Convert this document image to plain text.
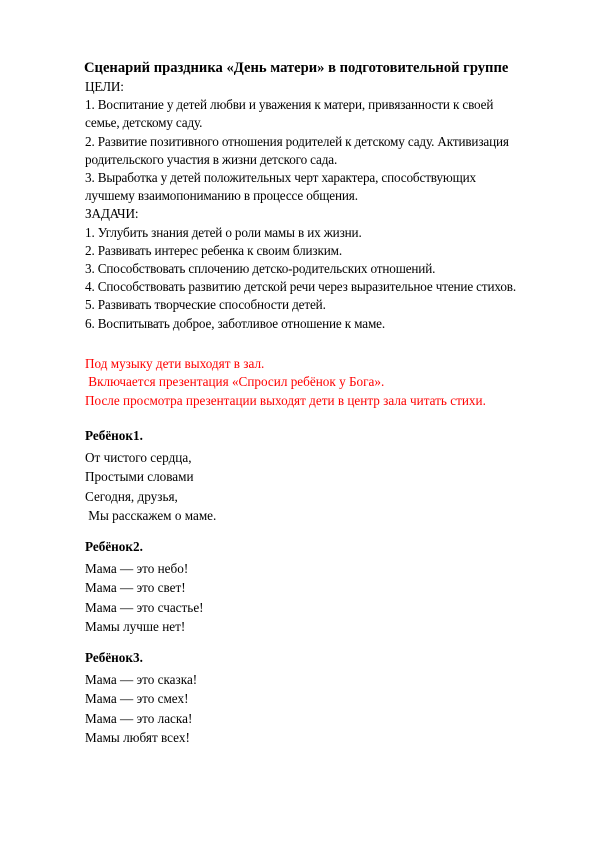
Сценарий праздника «День матери» в подготовительной группе
ЦЕЛИ:
1. Воспитание у детей любви и уважения к матери, привязанности к своей
семье, детскому саду.
2. Развитие позитивного отношения родителей к детскому саду. Активизация
родительского участия в жизни детского сада.
3. Выработка у детей положительных черт характера, способствующих
лучшему взаимопониманию в процессе общения.
ЗАДАЧИ:
1. Углубить знания детей о роли мамы в их жизни.
2. Развивать интерес ребенка к своим близким.
3. Способствовать сплочению детско-родительских отношений.
4. Способствовать развитию детской речи через выразительное чтение стихов.
5. Развивать творческие способности детей.
6. Воспитывать доброе, заботливое отношение к маме.
Под музыку дети выходят в зал.
Включается презентация «Спросил ребёнок у Бога».
После просмотра презентации выходят дети в центр зала читать стихи.
Ребёнок1.
От чистого сердца,
Простыми словами
Сегодня, друзья,
Мы расскажем о маме.
Ребёнок2.
Мама — это небо!
Мама — это свет!
Мама — это счастье!
Мамы лучше нет!
Ребёнок3.
Мама — это сказка!
Мама — это смех!
Мама — это ласка!
Мамы любят всех!
